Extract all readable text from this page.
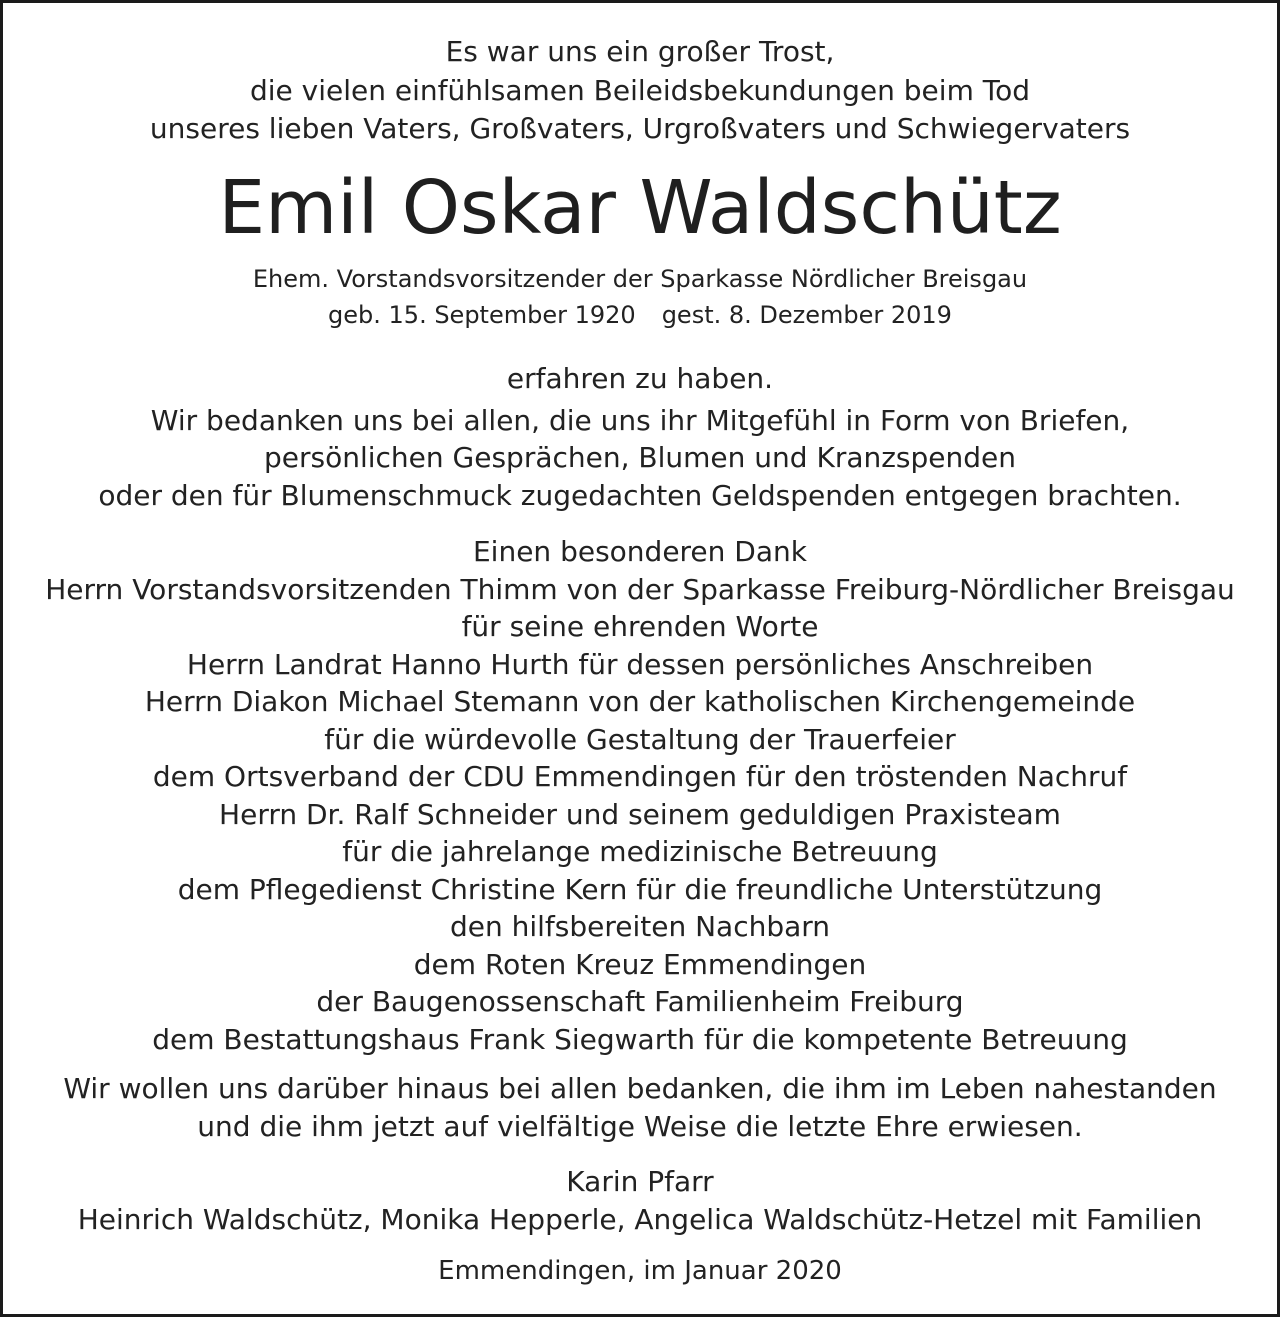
Es war uns ein großer Trost,
die vielen einfühlsamen Beileidsbekundungen beim Tod
unseres lieben Vaters, Großvaters, Urgroßvaters und Schwiegervaters
Emil Oskar Waldschütz
Ehem. Vorstandsvorsitzender der Sparkasse Nördlicher Breisgau
geb. 15. September 1920 gest. 8. Dezember 2019
erfahren zu haben.
Wir bedanken uns bei allen, die uns ihr Mitgefühl in Form von Briefen,
persönlichen Gesprächen, Blumen und Kranzspenden
oder den für Blumenschmuck zugedachten Geldspenden entgegen brachten.
Einen besonderen Dank
Herrn Vorstandsvorsitzenden Thimm von der Sparkasse Freiburg-Nördlicher Breisgau
für seine ehrenden Worte
Herrn Landrat Hanno Hurth für dessen persönliches Anschreiben
Herrn Diakon Michael Stemann von der katholischen Kirchengemeinde
für die würdevolle Gestaltung der Trauerfeier
dem Ortsverband der CDU Emmendingen für den tröstenden Nachruf
Herrn Dr. Ralf Schneider und seinem geduldigen Praxisteam
für die jahrelange medizinische Betreuung
dem Pflegedienst Christine Kern für die freundliche Unterstützung
den hilfsbereiten Nachbarn
dem Roten Kreuz Emmendingen
der Baugenossenschaft Familienheim Freiburg
dem Bestattungshaus Frank Siegwarth für die kompetente Betreuung
Wir wollen uns darüber hinaus bei allen bedanken, die ihm im Leben nahestanden
und die ihm jetzt auf vielfältige Weise die letzte Ehre erwiesen.
Karin Pfarr
Heinrich Waldschütz, Monika Hepperle, Angelica Waldschütz-Hetzel mit Familien
Emmendingen, im Januar 2020
